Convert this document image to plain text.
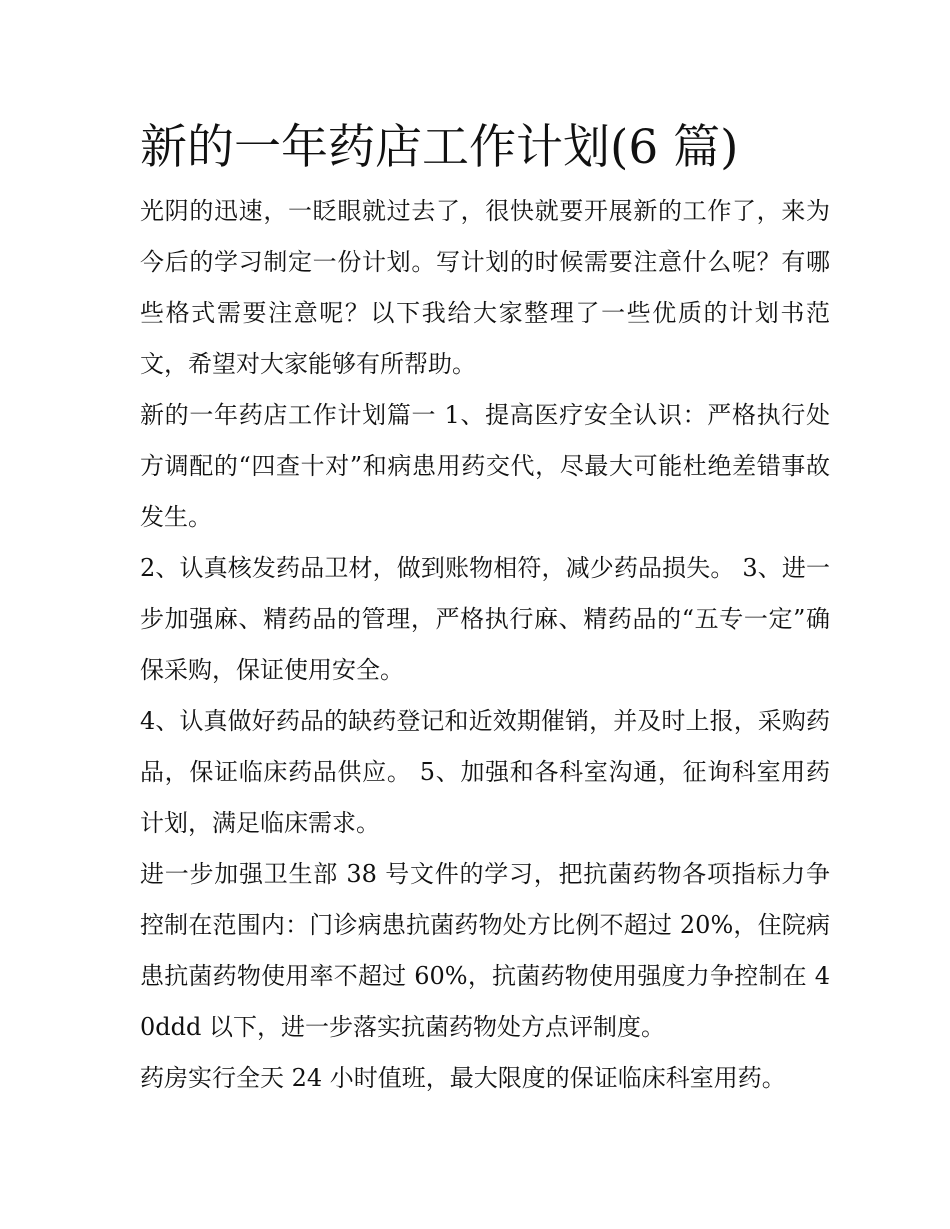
新的一年药店工作计划(6 篇)

光阴的迅速，一眨眼就过去了，很快就要开展新的工作了，来为今后的学习制定一份计划。写计划的时候需要注意什么呢？有哪些格式需要注意呢？以下我给大家整理了一些优质的计划书范文，希望对大家能够有所帮助。

新的一年药店工作计划篇一 1、提高医疗安全认识：严格执行处方调配的“四查十对”和病患用药交代，尽最大可能杜绝差错事故发生。

2、认真核发药品卫材，做到账物相符，减少药品损失。 3、进一步加强麻、精药品的管理，严格执行麻、精药品的“五专一定”确保采购，保证使用安全。

4、认真做好药品的缺药登记和近效期催销，并及时上报，采购药品，保证临床药品供应。 5、加强和各科室沟通，征询科室用药计划，满足临床需求。

进一步加强卫生部 38 号文件的学习，把抗菌药物各项指标力争控制在范围内：门诊病患抗菌药物处方比例不超过 20%，住院病患抗菌药物使用率不超过 60%，抗菌药物使用强度力争控制在 40ddd 以下，进一步落实抗菌药物处方点评制度。

药房实行全天 24 小时值班，最大限度的保证临床科室用药。
